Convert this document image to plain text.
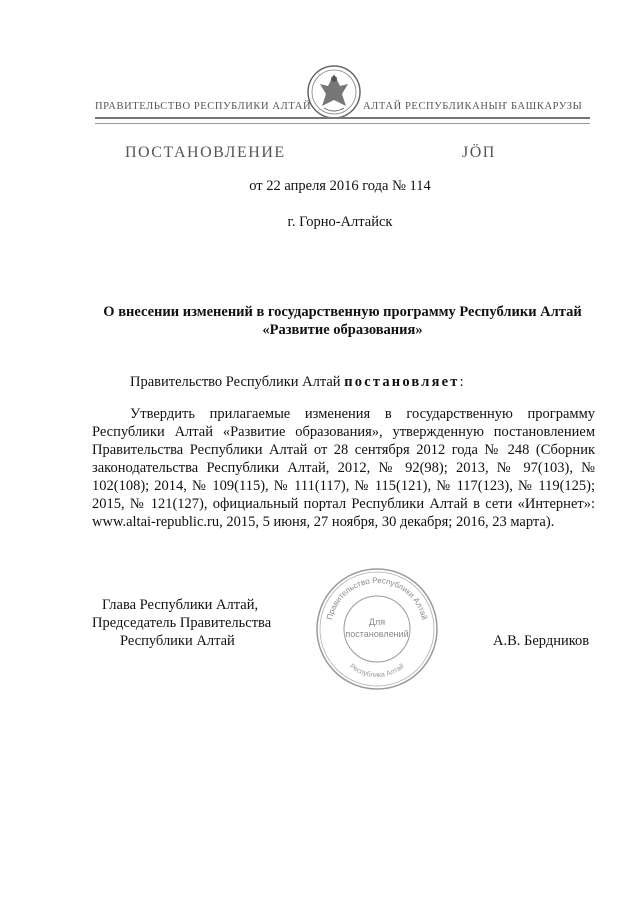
ПРАВИТЕЛЬСТВО РЕСПУБЛИКИ АЛТАЙ	АЛТАЙ РЕСПУБЛИКАНЫҤ БАШКАРУЗЫ
ПОСТАНОВЛЕНИЕ	ЈӦП
от 22 апреля 2016 года № 114
г. Горно-Алтайск
О внесении изменений в государственную программу Республики Алтай
«Развитие образования»
Правительство Республики Алтай постановляет:
Утвердить прилагаемые изменения в государственную программу Республики Алтай «Развитие образования», утвержденную постановлением Правительства Республики Алтай от 28 сентября 2012 года № 248 (Сборник законодательства Республики Алтай, 2012, № 92(98); 2013, № 97(103), № 102(108); 2014, № 109(115), № 111(117), № 115(121), № 117(123), № 119(125); 2015, № 121(127), официальный портал Республики Алтай в сети «Интернет»: www.altai-republic.ru, 2015, 5 июня, 27 ноября, 30 декабря; 2016, 23 марта).
Глава Республики Алтай,
Председатель Правительства
Республики Алтай
Правительство Республики Алтай
Республика Алтай
Для
постановлений	А.В. Бердников
